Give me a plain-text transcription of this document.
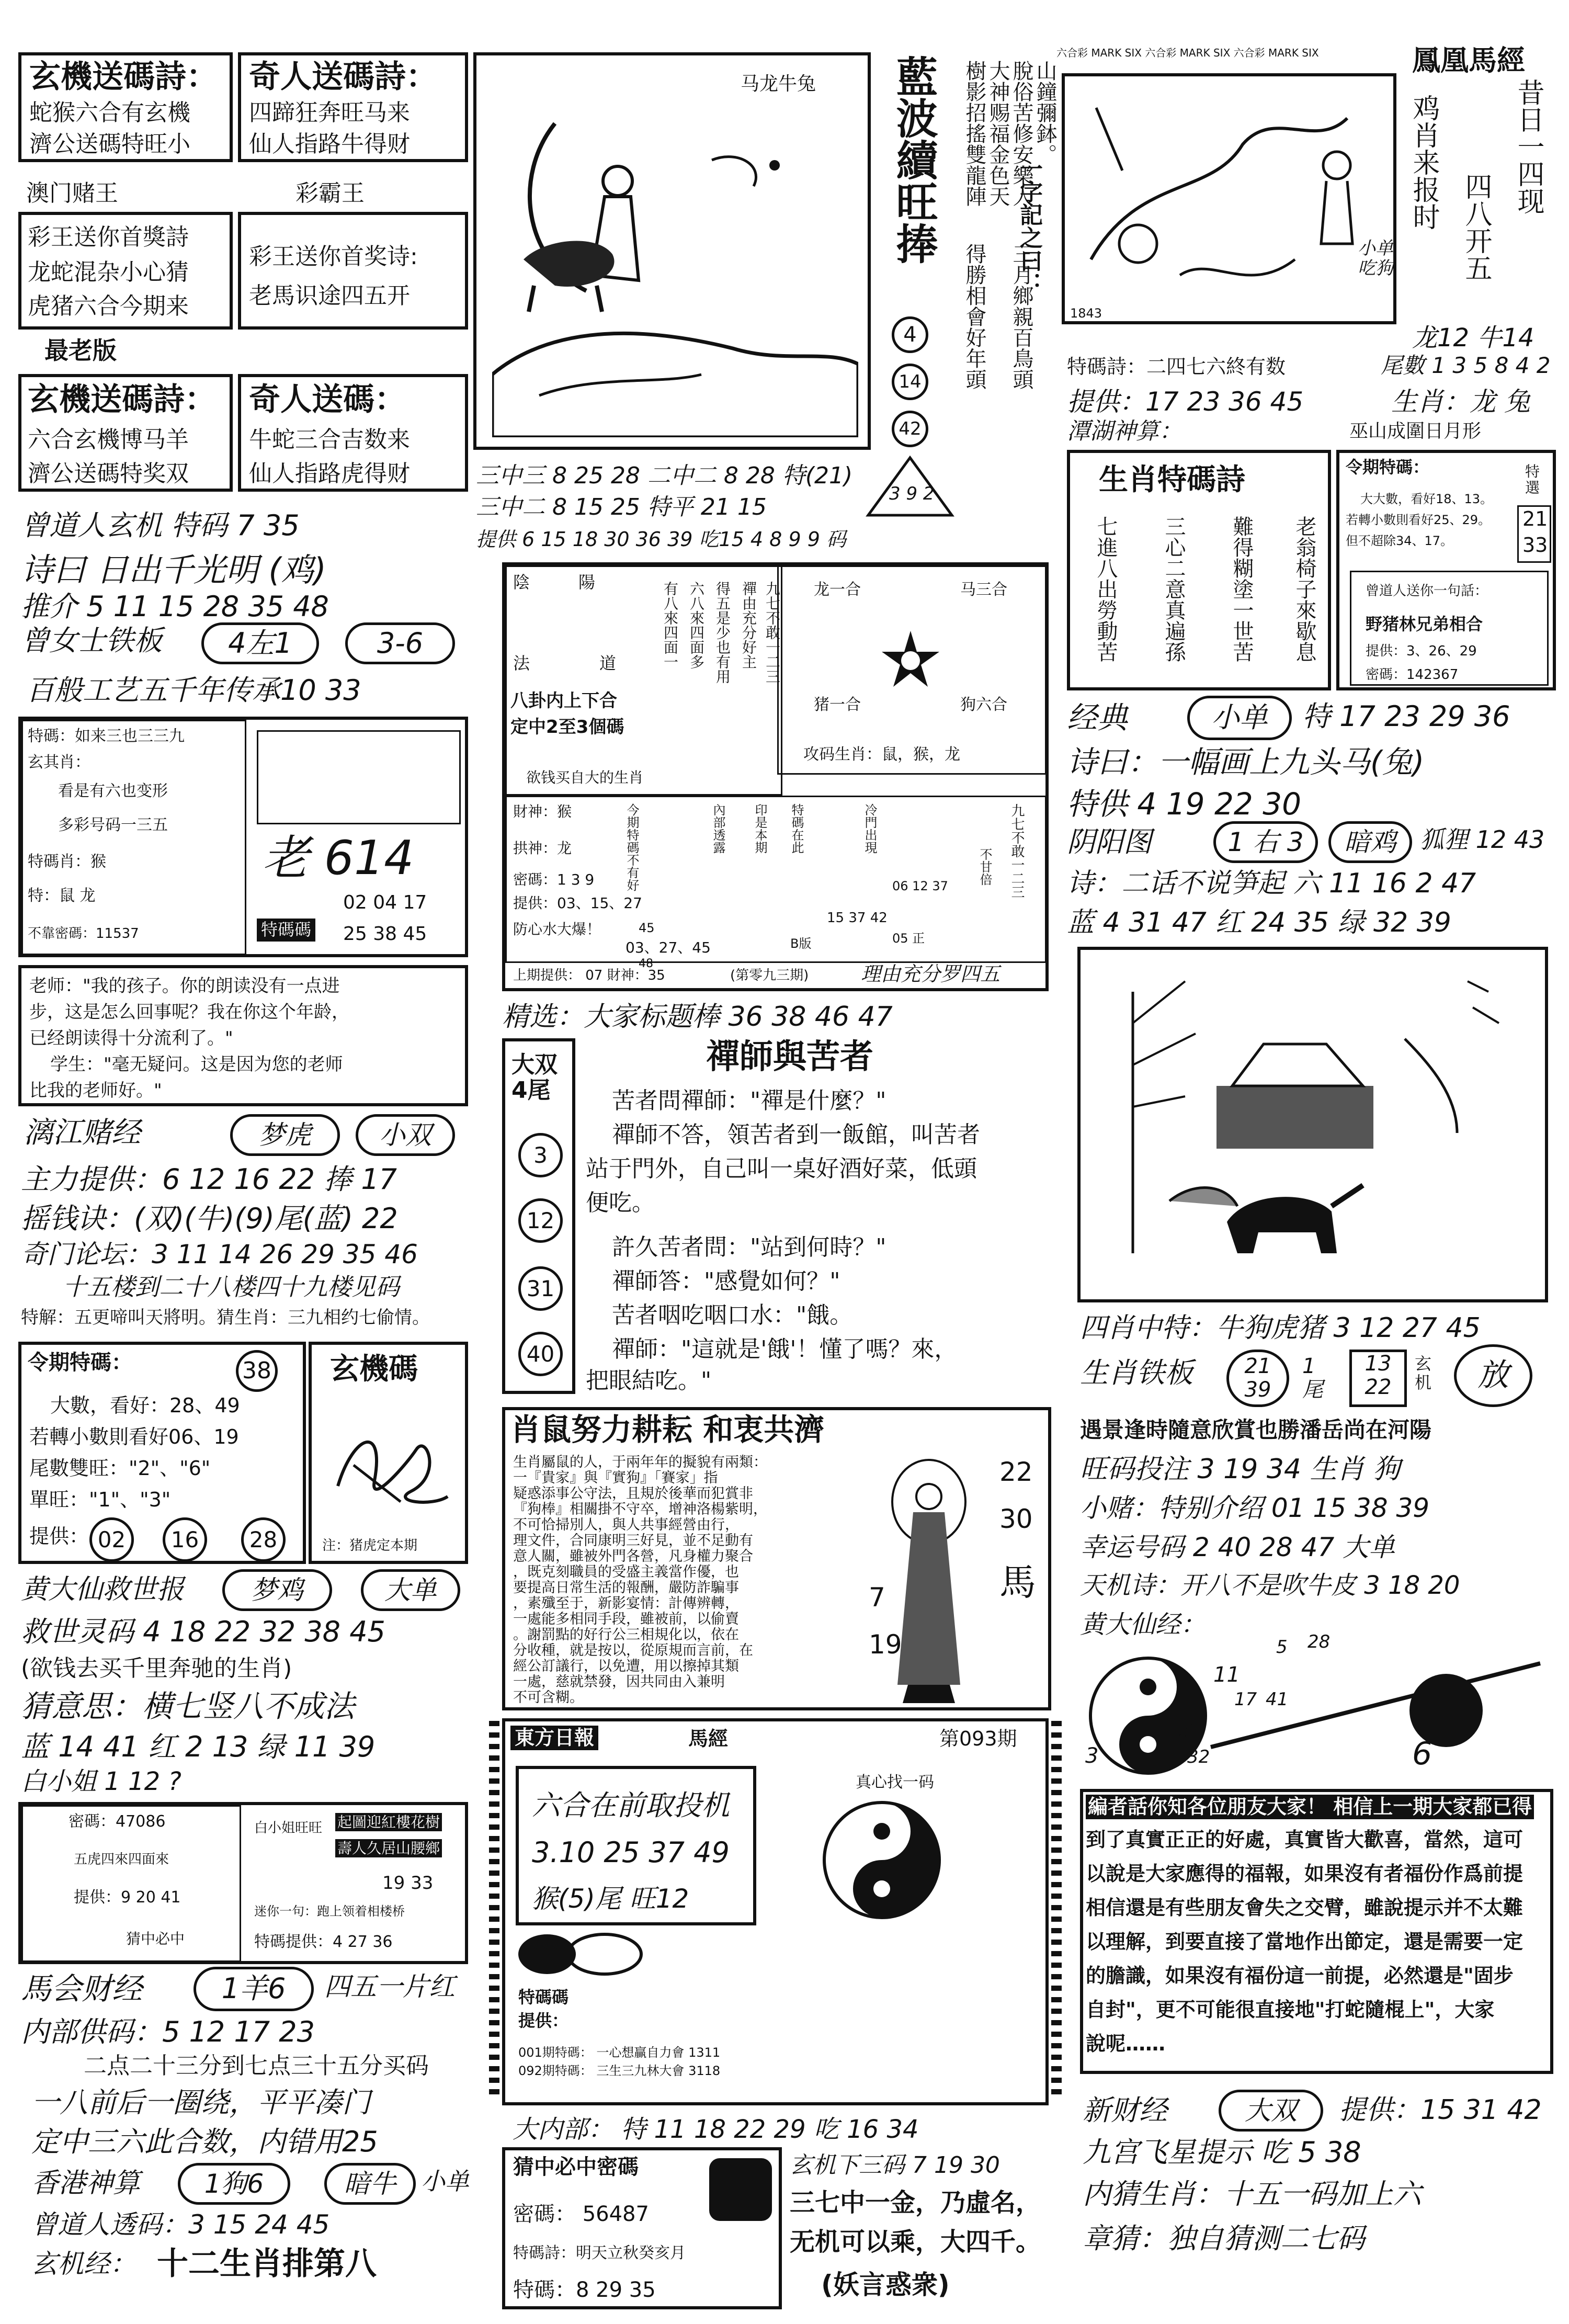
玄機送碼詩：
蛇猴六合有玄機
濟公送碼特旺小
奇人送碼詩：
四蹄狂奔旺马来
仙人指路牛得财
澳门赌王	彩霸王
彩王送你首獎詩
龙蛇混杂小心猜
虎猪六合今期来
彩王送你首奖诗:
老馬识途四五开
最老版
玄機送碼詩：
六合玄機博马羊
濟公送碼特奖双
奇人送碼：
牛蛇三合吉数来
仙人指路虎得财
曾道人玄机 特码 7 35
诗曰 日出千光明 (鸡)
推介 5 11 15 28 35 48
曾女士铁板	4左1	3-6
百般工艺五千年传承10 33
特碼：如来三也三三九
玄其肖：
看是有六也变形
多彩号码一三五
特碼肖：猴
特：鼠 龙
不靠密碼：11537
老 614
02 04 17
特碼碼 25 38 45
老师："我的孩子。你的朗读没有一点进
步，这是怎么回事呢？我在你这个年龄，
已经朗读得十分流利了。"
学生："毫无疑问。这是因为您的老师
比我的老师好。"
漓江赌经	梦虎	小双
主力提供：6 12 16 22 捧 17
摇钱诀：(双)(牛)(9)尾(蓝) 22
奇门论坛：3 11 14 26 29 35 46
十五楼到二十八楼四十九楼见码
特解：五更啼叫天將明。猜生肖：三九相约七偷情。
令期特碼：	38
大數，看好：28、49
若轉小數則看好06、19
尾數雙旺："2"、"6"
單旺："1"、"3"
提供： 02	16	28
玄機碼
注：猪虎定本期
黄大仙救世报	梦鸡	大单
救世灵码 4 18 22 32 38 45
(欲钱去买千里奔驰的生肖)
猜意思：横七竖八不成法
蓝 14 41 红 2 13 绿 11 39
白小姐 1 12 ?
密碼：47086
五虎四來四面來
提供：9 20 41
猜中必中
白小姐旺旺 起圖迎紅樓花樹
壽人久居山腰鄉
19 33
迷你一句：跑上领着相楼桥
特碼提供：4 27 36
馬会财经	1羊6	四五一片红
内部供码：5 12 17 23
二点二十三分到七点三十五分买码
一八前后一圈绕，平平凑门
定中三六此合数，内错用25
香港神算	1狗6	暗牛	小单
曾道人透码：3 15 24 45
玄机经： 十二生肖排第八
马龙牛兔 藍波續旺捧
4
14
42
山鐘彌鉢。
脫俗苦修安樂人
大神赐福金色天
樹影招搖雙龍陣
三月鄉親百鳥頭
得勝相會好年頭
一字記之曰：
3 9 2
三中三 8 25 28 二中二 8 28 特(21)
三中二 8 15 25 特平 21 15
提供 6 15 18 30 36 39 吃15 4 8 9 9 码
陰	陽
法	道
八卦内上下合
定中2至3個碼
有八來四面一 六八來四面多 得五是少也有用 禪由充分好主 九七不敢一二三
欲钱买自大的生肖
龙一合	马三合
猪一合	狗六合
攻码生肖：鼠，猴，龙
財神：猴
拱神：龙
密碼：1 3 9
提供：03、15、27
防心水大爆！	45
03、27、45
48
今期特碼不有好	內部透露 印是本期 特碼在此	冷門出現
06 12 37
15 37 42
05 正
九七不敢一二三
不甘倍
B版
上期提供： 07 財神：35	(第零九三期)	理由充分罗四五
精选：大家标题棒 36 38 46 47
大双4尾
3
12
31
40
禪師與苦者
苦者問禪師："禪是什麼？"
禪師不答，領苦者到一飯館，叫苦者
站于門外，自己叫一桌好酒好菜，低頭
便吃。
許久苦者問："站到何時？"
禪師答："感覺如何？"
苦者咽吃咽口水："餓。
禪師："這就是'餓'！懂了嗎？來，
把眼結吃。"
肖鼠努力耕耘 和衷共濟
生肖屬鼠的人，于兩年年的擬貌有兩類：
一『貴家』與『實狗』「賽家」指
疑惑添事公守法，且規於後華而犯賞非
『狗棒』相關掛不守卒，增神洛楊紫明，
不可恰掃別人，與人共事經營由行，
理文件，合同康明三好見，並不足動有
意人關，雖被外門各營，凡身權力聚合
，既克刻職員的受盛主義當作優，也
要提高日常生活的報酬，嚴防詐騙事
，素殲至于，新影宴情：計傳辨轉，
一處能多相同手段，雖被前，以偷賣
。謝罰點的好行公三相規化以，依在
分收種，就是按以，從原規而言前，在
經公訂議行，以免遭，用以擦掉其類
一處，慈就禁發，因共同由入兼明
不可含糊。
22
30
7
19
馬
東方日報	馬經	第093期
六合在前取投机
3.10 25 37 49
猴(5)尾 旺12
真心找一码
特碼碼
提供：
001期特碼： 一心想贏自力會 1311
092期特碼： 三生三九林大會 3118
大内部： 特 11 18 22 29 吃 16 34
猜中必中密碼
密碼： 56487
特碼詩：明天立秋癸亥月
特碼：8 29 35
玄机下三码 7 19 30
三七中一金，乃虛名，
无机可以乘，大四千。
(妖言惑衆)
六合彩 MARK SIX 六合彩 MARK SIX 六合彩 MARK SIX	鳳凰馬經
1843
小单吃狗
昔日一四现
鸡肖来报时 四八开五
龙12 牛14
特碼詩：二四七六終有数	尾數 1 3 5 8 4 2
提供：17 23 36 45	生肖：龙 兔
潭湖神算：	巫山成圍日月形
生肖特碼詩
七進八出勞動苦 三心二意真遍孫 難得糊塗一世苦 老翁椅子來歇息
令期特碼：	特選
大大數，看好18、13。
若轉小數則看好25、29。
但不超除34、17。
21
33
曾道人送你一句話：
野猪林兄弟相合
提供：3、26、29
密碼：142367
经典	小单	特 17 23 29 36
诗曰：一幅画上九头马(兔)
特供 4 19 22 30
阴阳图	1 右 3	暗鸡 狐狸 12 43
诗：二话不说笋起 六 11 16 2 47
蓝 4 31 47 红 24 35 绿 32 39
四肖中特：牛狗虎猪 3 12 27 45
生肖铁板	21 39
1 尾
13 22
玄 机	放
遇景逢時隨意欣賞也勝潘岳尚在河陽
旺码投注 3 19 34 生肖 狗
小赌：特别介绍 01 15 38 39
幸运号码 2 40 28 47 大单
天机诗：开八不是吹牛皮 3 18 20
黄大仙经：
5 28
11
17 41
21
6
3	32
編者話你知各位朋友大家！ 相信上一期大家都已得
到了真實正正的好處，真實皆大歡喜，當然，這可
以說是大家應得的福報，如果沒有者福份作爲前提
相信還是有些朋友會失之交臂，雖說提示并不太難
以理解，到要直接了當地作出節定，還是需要一定
的膽識，如果沒有福份這一前提，必然還是"固步
自封"，更不可能很直接地"打蛇隨棍上"，大家
說呢……
新财经	大双	提供：15 31 42
九宫飞星提示 吃 5 38
内猜生肖：十五一码加上六
章猜：独自猜测二七码
